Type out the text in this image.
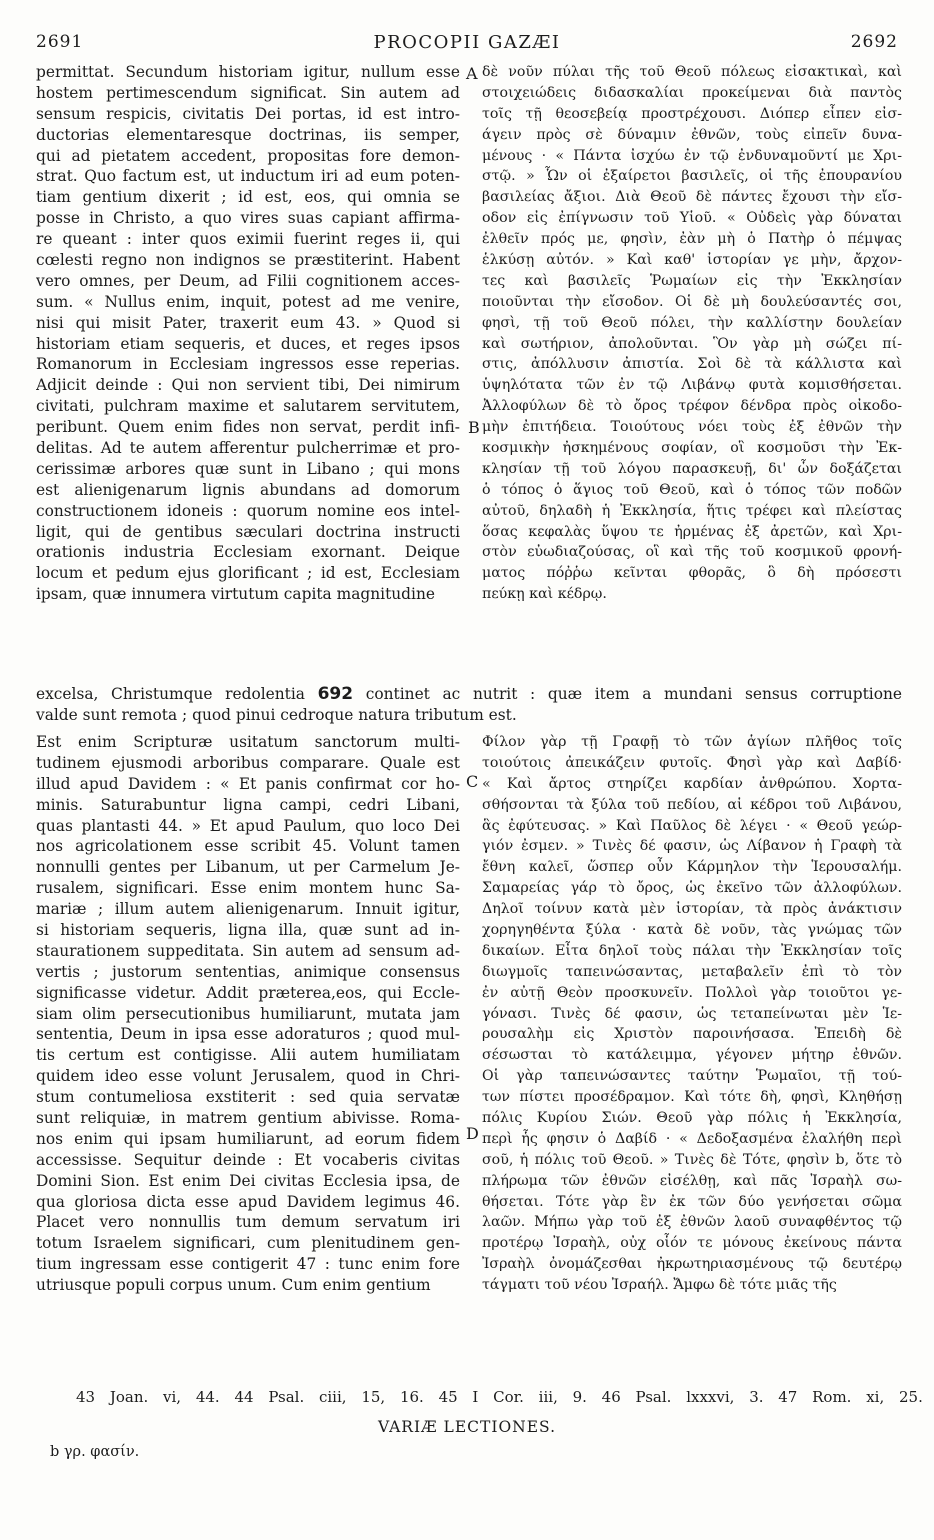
2691	PROCOPII GAZÆI	2692
A
B
C
D
permittat. Secundum historiam igitur, nullum esse
hostem pertimescendum significat. Sin autem ad
sensum respicis, civitatis Dei portas, id est intro-
ductorias elementaresque doctrinas, iis semper,
qui ad pietatem accedent, propositas fore demon-
strat. Quo factum est, ut inductum iri ad eum poten-
tiam gentium dixerit ; id est, eos, qui omnia se
posse in Christo, a quo vires suas capiant affirma-
re queant : inter quos eximii fuerint reges ii, qui
cœlesti regno non indignos se præstiterint. Habent
vero omnes, per Deum, ad Filii cognitionem acces-
sum. « Nullus enim, inquit, potest ad me venire,
nisi qui misit Pater, traxerit eum 43. » Quod si
historiam etiam sequeris, et duces, et reges ipsos
Romanorum in Ecclesiam ingressos esse reperias.
Adjicit deinde : Qui non servient tibi, Dei nimirum
civitati, pulchram maxime et salutarem servitutem,
peribunt. Quem enim fides non servat, perdit infi-
delitas. Ad te autem afferentur pulcherrimæ et pro-
cerissimæ arbores quæ sunt in Libano ; qui mons
est alienigenarum lignis abundans ad domorum
constructionem idoneis : quorum nomine eos intel-
ligit, qui de gentibus sæculari doctrina instructi
orationis industria Ecclesiam exornant. Deique
locum et pedum ejus glorificant ; id est, Ecclesiam
ipsam, quæ innumera virtutum capita magnitudine
δὲ νοῦν πύλαι τῆς τοῦ Θεοῦ πόλεως εἰσακτικαὶ, καὶ
στοιχειώδεις διδασκαλίαι προκείμεναι διὰ παντὸς
τοῖς τῇ θεοσεβείᾳ προστρέχουσι. Διόπερ εἶπεν εἰσ-
άγειν πρὸς σὲ δύναμιν ἐθνῶν, τοὺς εἰπεῖν δυνα-
μένους · « Πάντα ἰσχύω ἐν τῷ ἐνδυναμοῦντί με Χρι-
στῷ. » Ὧν οἱ ἐξαίρετοι βασιλεῖς, οἱ τῆς ἐπουρανίου
βασιλείας ἄξιοι. Διὰ Θεοῦ δὲ πάντες ἔχουσι τὴν εἴσ-
οδον εἰς ἐπίγνωσιν τοῦ Υἱοῦ. « Οὐδεὶς γὰρ δύναται
ἐλθεῖν πρός με, φησὶν, ἐὰν μὴ ὁ Πατὴρ ὁ πέμψας
ἑλκύσῃ αὐτόν. » Καὶ καθ' ἱστορίαν γε μὴν, ἄρχον-
τες καὶ βασιλεῖς Ῥωμαίων εἰς τὴν Ἐκκλησίαν
ποιοῦνται τὴν εἴσοδον. Οἱ δὲ μὴ δουλεύσαντές σοι,
φησὶ, τῇ τοῦ Θεοῦ πόλει, τὴν καλλίστην δουλείαν
καὶ σωτήριον, ἀπολοῦνται. Ὃν γὰρ μὴ σώζει πί-
στις, ἀπόλλυσιν ἀπιστία. Σοὶ δὲ τὰ κάλλιστα καὶ
ὑψηλότατα τῶν ἐν τῷ Λιβάνῳ φυτὰ κομισθήσεται.
Ἀλλοφύλων δὲ τὸ ὄρος τρέφον δένδρα πρὸς οἰκοδο-
μὴν ἐπιτήδεια. Τοιούτους νόει τοὺς ἐξ ἐθνῶν τὴν
κοσμικὴν ἠσκημένους σοφίαν, οἳ κοσμοῦσι τὴν Ἐκ-
κλησίαν τῇ τοῦ λόγου παρασκευῇ, δι' ὧν δοξάζεται
ὁ τόπος ὁ ἅγιος τοῦ Θεοῦ, καὶ ὁ τόπος τῶν ποδῶν
αὐτοῦ, δηλαδὴ ἡ Ἐκκλησία, ἥτις τρέφει καὶ πλείστας
ὅσας κεφαλὰς ὕψου τε ἠρμένας ἐξ ἀρετῶν, καὶ Χρι-
στὸν εὐωδιαζούσας, οἳ καὶ τῆς τοῦ κοσμικοῦ φρονή-
ματος πόῤῥω κεῖνται φθορᾶς, ὃ δὴ πρόσεστι
πεύκῃ καὶ κέδρῳ.
excelsa, Christumque redolentia 692 continet ac nutrit : quæ item a mundani sensus corruptione
valde sunt remota ; quod pinui cedroque natura tributum est.
Est enim Scripturæ usitatum sanctorum multi-
tudinem ejusmodi arboribus comparare. Quale est
illud apud Davidem : « Et panis confirmat cor ho-
minis. Saturabuntur ligna campi, cedri Libani,
quas plantasti 44. » Et apud Paulum, quo loco Dei
nos agricolationem esse scribit 45. Volunt tamen
nonnulli gentes per Libanum, ut per Carmelum Je-
rusalem, significari. Esse enim montem hunc Sa-
mariæ ; illum autem alienigenarum. Innuit igitur,
si historiam sequeris, ligna illa, quæ sunt ad in-
staurationem suppeditata. Sin autem ad sensum ad-
vertis ; justorum sententias, animique consensus
significasse videtur. Addit præterea,eos, qui Eccle-
siam olim persecutionibus humiliarunt, mutata jam
sententia, Deum in ipsa esse adoraturos ; quod mul-
tis certum est contigisse. Alii autem humiliatam
quidem ideo esse volunt Jerusalem, quod in Chri-
stum contumeliosa exstiterit : sed quia servatæ
sunt reliquiæ, in matrem gentium abivisse. Roma-
nos enim qui ipsam humiliarunt, ad eorum fidem
accessisse. Sequitur deinde : Et vocaberis civitas
Domini Sion. Est enim Dei civitas Ecclesia ipsa, de
qua gloriosa dicta esse apud Davidem legimus 46.
Placet vero nonnullis tum demum servatum iri
totum Israelem significari, cum plenitudinem gen-
tium ingressam esse contigerit 47 : tunc enim fore
utriusque populi corpus unum. Cum enim gentium
Φίλον γὰρ τῇ Γραφῇ τὸ τῶν ἁγίων πλῆθος τοῖς
τοιούτοις ἀπεικάζειν φυτοῖς. Φησὶ γὰρ καὶ Δαβίδ·
« Καὶ ἄρτος στηρίζει καρδίαν ἀνθρώπου. Χορτα-
σθήσονται τὰ ξύλα τοῦ πεδίου, αἱ κέδροι τοῦ Λιβάνου,
ἃς ἐφύτευσας. » Καὶ Παῦλος δὲ λέγει · « Θεοῦ γεώρ-
γιόν ἐσμεν. » Τινὲς δέ φασιν, ὡς Λίβανον ἡ Γραφὴ τὰ
ἔθνη καλεῖ, ὥσπερ οὖν Κάρμηλον τὴν Ἱερουσαλήμ.
Σαμαρείας γάρ τὸ ὄρος, ὡς ἐκεῖνο τῶν ἀλλοφύλων.
Δηλοῖ τοίνυν κατὰ μὲν ἱστορίαν, τὰ πρὸς ἀνάκτισιν
χορηγηθέντα ξύλα · κατὰ δὲ νοῦν, τὰς γνώμας τῶν
δικαίων. Εἶτα δηλοῖ τοὺς πάλαι τὴν Ἐκκλησίαν τοῖς
διωγμοῖς ταπεινώσαντας, μεταβαλεῖν ἐπὶ τὸ τὸν
ἐν αὐτῇ Θεὸν προσκυνεῖν. Πολλοὶ γὰρ τοιοῦτοι γε-
γόνασι. Τινὲς δέ φασιν, ὡς τεταπείνωται μὲν Ἱε-
ρουσαλὴμ εἰς Χριστὸν παροινήσασα. Ἐπειδὴ δὲ
σέσωσται τὸ κατάλειμμα, γέγονεν μήτηρ ἐθνῶν.
Οἱ γὰρ ταπεινώσαντες ταύτην Ῥωμαῖοι, τῇ τού-
των πίστει προσέδραμον. Καὶ τότε δὴ, φησὶ, Κληθήσῃ
πόλις Κυρίου Σιών. Θεοῦ γὰρ πόλις ἡ Ἐκκλησία,
περὶ ἧς φησιν ὁ Δαβίδ · « Δεδοξασμένα ἐλαλήθη περὶ
σοῦ, ἡ πόλις τοῦ Θεοῦ. » Τινὲς δὲ Τότε, φησὶν b, ὅτε τὸ
πλήρωμα τῶν ἐθνῶν εἰσέλθῃ, καὶ πᾶς Ἰσραὴλ σω-
θήσεται. Τότε γὰρ ἓν ἐκ τῶν δύο γενήσεται σῶμα
λαῶν. Μήπω γὰρ τοῦ ἐξ ἐθνῶν λαοῦ συναφθέντος τῷ
προτέρῳ Ἰσραὴλ, οὐχ οἷόν τε μόνους ἐκείνους πάντα
Ἰσραὴλ ὀνομάζεσθαι ἠκρωτηριασμένους τῷ δευτέρῳ
τάγματι τοῦ νέου Ἰσραήλ. Ἄμφω δὲ τότε μιᾶς τῆς
43 Joan. vi, 44. 44 Psal. ciii, 15, 16. 45 I Cor. iii, 9. 46 Psal. lxxxvi, 3. 47 Rom. xi, 25.
VARIÆ LECTIONES.
b γρ. φασίν.
